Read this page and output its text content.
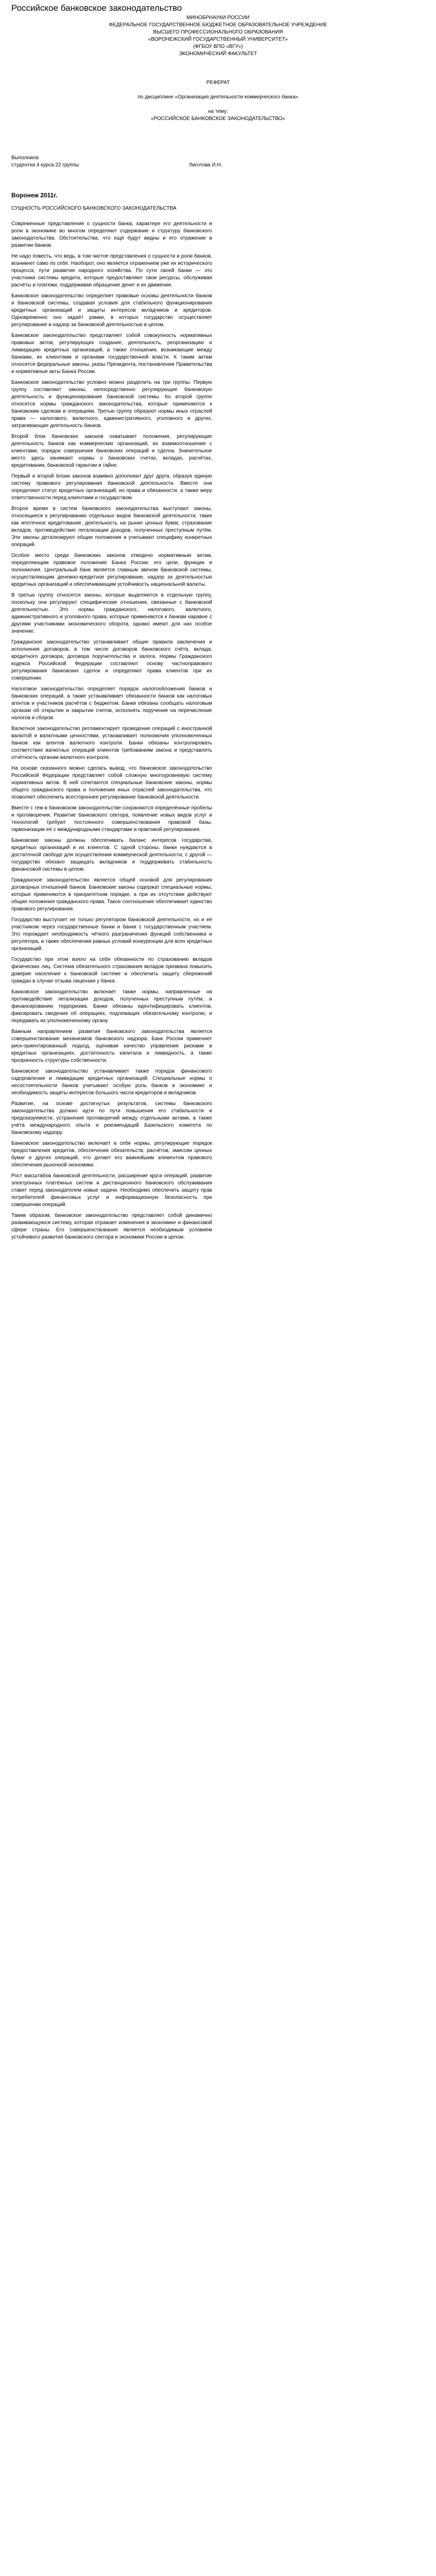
Российское банковское законодательство

МИНОБРНАУКИ РОССИИ

ФЕДЕРАЛЬНОЕ ГОСУДАРСТВЕННОЕ БЮДЖЕТНОЕ ОБРАЗОВАТЕЛЬНОЕ УЧРЕЖДЕНИЕ

ВЫСШЕГО ПРОФЕССИОНАЛЬНОГО ОБРАЗОВАНИЯ

«ВОРОНЕЖСКИЙ ГОСУДАРСТВЕННЫЙ УНИВЕРСИТЕТ»

(ФГБОУ ВПО «ВГУ»)

ЭКОНОМИЧЕСКИЙ ФАКУЛЬТЕТ

РЕФЕРАТ

по дисциплине «Организация деятельности коммерческого банка»

на тему:

«РОССИЙСКОЕ БАНКОВСКОЕ ЗАКОНОДАТЕЛЬСТВО»

Выполнила
студентка 4 курса 22 группы	Лиготова И.Н.
Воронеж 2011г.

СУЩНОСТЬ РОССИЙСКОГО БАНКОВСКОГО ЗАКОНОДАТЕЛЬСТВА

Современные представления о сущности банка, характере его деятельности и роли в экономике во многом определяют содержание и структуру банковского законодательства. Обстоятельства, что ещё будут видны и его отражение в развитии банков.

Не надо повесть, что ведь, в том чистое представления о сущности и роли банков, возникнет само по себе. Наоборот, оно является отражением уже их исторического процесса, пути развития народного хозяйства. По сути своей банки — это участники системы кредита, которые предоставляют свои ресурсы, обслуживая расчёты и платежи, поддерживая обращение денег и их движение.

Банковское законодательство определяет правовые основы деятельности банков и банковской системы, создавая условия для стабильного функционирования кредитных организаций и защиты интересов вкладчиков и кредиторов. Одновременно оно задаёт рамки, в которых государство осуществляет регулирование и надзор за банковской деятельностью в целом.

Банковское законодательство представляет собой совокупность нормативных правовых актов, регулирующих создание, деятельность, реорганизацию и ликвидацию кредитных организаций, а также отношения, возникающие между банками, их клиентами и органами государственной власти. К таким актам относятся федеральные законы, указы Президента, постановления Правительства и нормативные акты Банка России.

Банковское законодательство условно можно разделить на три группы. Первую группу составляют законы, непосредственно регулирующие банковскую деятельность и функционирование банковской системы. Ко второй группе относятся нормы гражданского законодательства, которые применяются к банковским сделкам и операциям. Третью группу образуют нормы иных отраслей права — налогового, валютного, административного, уголовного и других, затрагивающие деятельность банков.

Второй блок банковских законов охватывает положения, регулирующие деятельность банков как коммерческих организаций, их взаимоотношения с клиентами, порядок совершения банковских операций и сделок. Значительное место здесь занимают нормы о банковских счетах, вкладах, расчётах, кредитовании, банковской гарантии и тайне.

Первый и второй блоки законов взаимно дополняют друг друга, образуя единую систему правового регулирования банковской деятельности. Вместе они определяют статус кредитных организаций, их права и обязанности, а также меру ответственности перед клиентами и государством.

Второе время в систем банковского законодательства выступают законы, относящиеся к регулированию отдельных видов банковской деятельности, таких как ипотечное кредитование, деятельность на рынке ценных бумаг, страхование вкладов, противодействие легализации доходов, полученных преступным путём. Эти законы детализируют общие положения и учитывают специфику конкретных операций.

Особое место среди банковских законов отведено нормативным актам, определяющим правовое положение Банка России, его цели, функции и полномочия. Центральный банк является главным звеном банковской системы, осуществляющим денежно-кредитное регулирование, надзор за деятельностью кредитных организаций и обеспечивающим устойчивость национальной валюты.

В третью группу относятся законы, которые выделяются в отдельную группу, поскольку они регулируют специфические отношения, связанные с банковской деятельностью. Это нормы гражданского, налогового, валютного, административного и уголовного права, которые применяются к банкам наравне с другими участниками экономического оборота, однако имеют для них особое значение.

Гражданское законодательство устанавливает общие правила заключения и исполнения договоров, в том числе договоров банковского счёта, вклада, кредитного договора, договора поручительства и залога. Нормы Гражданского кодекса Российской Федерации составляют основу частноправового регулирования банковских сделок и определяют права клиентов при их совершении.

Налоговое законодательство определяет порядок налогообложения банков и банковских операций, а также устанавливает обязанности банков как налоговых агентов и участников расчётов с бюджетом. Банки обязаны сообщать налоговым органам об открытии и закрытии счетов, исполнять поручения на перечисление налогов и сборов.

Валютное законодательство регламентирует проведение операций с иностранной валютой и валютными ценностями, устанавливает полномочия уполномоченных банков как агентов валютного контроля. Банки обязаны контролировать соответствие валютных операций клиентов требованиям закона и представлять отчётность органам валютного контроля.

На основе сказанного можно сделать вывод, что банковское законодательство Российской Федерации представляет собой сложную многоуровневую систему нормативных актов. В ней сочетаются специальные банковские законы, нормы общего гражданского права и положения иных отраслей законодательства, что позволяет обеспечить всестороннее регулирование банковской деятельности.

Вместе с тем в банковском законодательстве сохраняются определённые пробелы и противоречия. Развитие банковского сектора, появление новых видов услуг и технологий требуют постоянного совершенствования правовой базы, гармонизации её с международными стандартами и практикой регулирования.

Банковские законы должны обеспечивать баланс интересов государства, кредитных организаций и их клиентов. С одной стороны, банки нуждаются в достаточной свободе для осуществления коммерческой деятельности, с другой — государство обязано защищать вкладчиков и поддерживать стабильность финансовой системы в целом.

Гражданское законодательство является общей основой для регулирования договорных отношений банков. Банковские законы содержат специальные нормы, которые применяются в приоритетном порядке, а при их отсутствии действуют общие положения гражданского права. Такое соотношение обеспечивает единство правового регулирования.

Государство выступает не только регулятором банковской деятельности, но и её участником через государственные банки и банки с государственным участием. Это порождает необходимость чёткого разграничения функций собственника и регулятора, а также обеспечения равных условий конкуренции для всех кредитных организаций.

Государство при этом взяло на себя обязанности по страхованию вкладов физических лиц. Система обязательного страхования вкладов призвана повысить доверие населения к банковской системе и обеспечить защиту сбережений граждан в случае отзыва лицензии у банка.

Банковское законодательство включает также нормы, направленные на противодействие легализации доходов, полученных преступным путём, и финансированию терроризма. Банки обязаны идентифицировать клиентов, фиксировать сведения об операциях, подлежащих обязательному контролю, и передавать их уполномоченному органу.

Важным направлением развития банковского законодательства является совершенствование механизмов банковского надзора. Банк России применяет риск-ориентированный подход, оценивая качество управления рисками в кредитных организациях, достаточность капитала и ликвидность, а также прозрачность структуры собственности.

Банковское законодательство устанавливает также порядок финансового оздоровления и ликвидации кредитных организаций. Специальные нормы о несостоятельности банков учитывают особую роль банков в экономике и необходимость защиты интересов большого числа кредиторов и вкладчиков.

Развитие, на основе достигнутых результатов, системы банковского законодательства должно идти по пути повышения его стабильности и предсказуемости, устранения противоречий между отдельными актами, а также учёта международного опыта и рекомендаций Базельского комитета по банковскому надзору.

Банковское законодательство включает в себя нормы, регулирующие порядок предоставления кредитов, обеспечения обязательств, расчётов, эмиссии ценных бумаг и других операций, что делает его важнейшим элементом правового обеспечения рыночной экономики.

Рост масштабов банковской деятельности, расширение круга операций, развитие электронных платёжных систем и дистанционного банковского обслуживания ставят перед законодателем новые задачи. Необходимо обеспечить защиту прав потребителей финансовых услуг и информационную безопасность при совершении операций.

Таким образом, банковское законодательство представляет собой динамично развивающуюся систему, которая отражает изменения в экономике и финансовой сфере страны. Его совершенствование является необходимым условием устойчивого развития банковского сектора и экономики России в целом.
